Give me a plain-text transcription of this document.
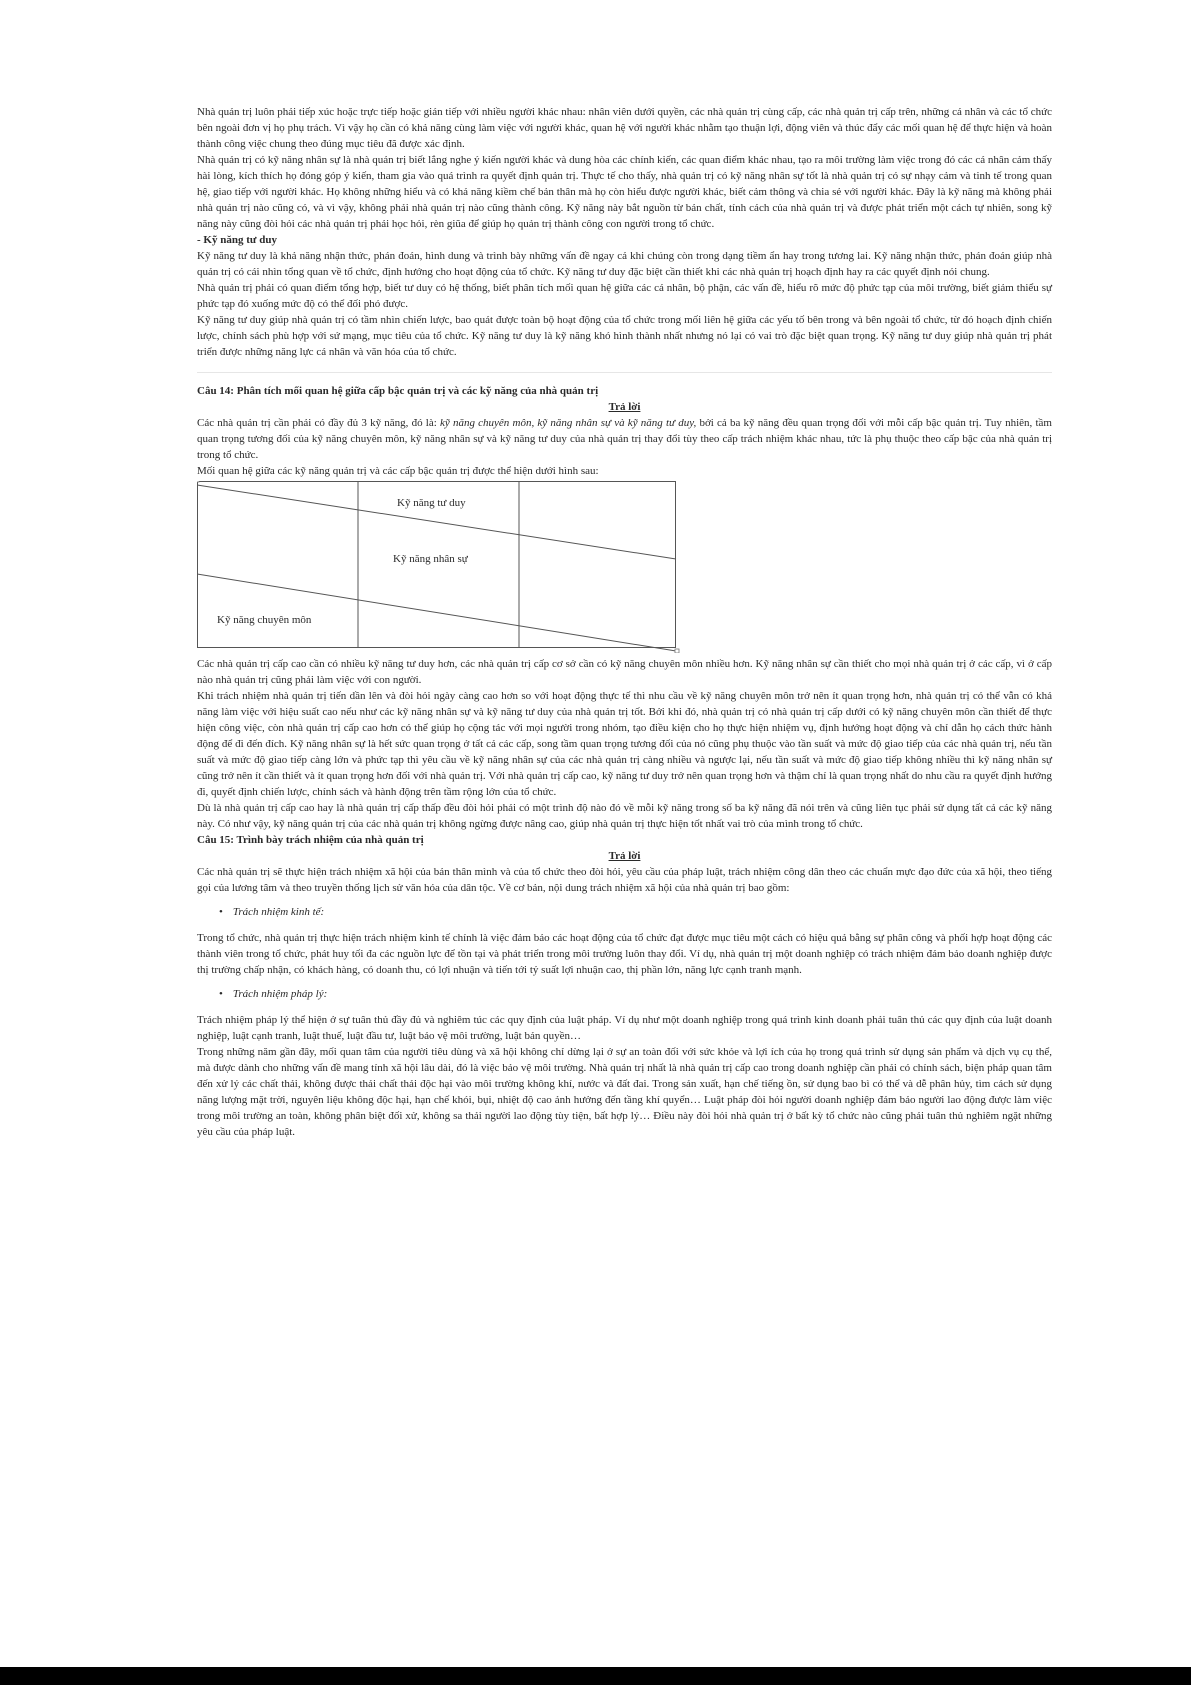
Nhà quản trị luôn phải tiếp xúc hoặc trực tiếp hoặc gián tiếp với nhiều người khác nhau: nhân viên dưới quyền, các nhà quản trị cùng cấp, các nhà quản trị cấp trên, những cá nhân và các tổ chức bên ngoài đơn vị họ phụ trách. Vì vậy họ cần có khả năng cùng làm việc với người khác, quan hệ với người khác nhằm tạo thuận lợi, động viên và thúc đẩy các mối quan hệ để thực hiện và hoàn thành công việc chung theo đúng mục tiêu đã được xác định.

Nhà quản trị có kỹ năng nhân sự là nhà quản trị biết lắng nghe ý kiến người khác và dung hòa các chính kiến, các quan điểm khác nhau, tạo ra môi trường làm việc trong đó các cá nhân cảm thấy hài lòng, kích thích họ đóng góp ý kiến, tham gia vào quá trình ra quyết định quản trị. Thực tế cho thấy, nhà quản trị có kỹ năng nhân sự tốt là nhà quản trị có sự nhạy cảm và tinh tế trong quan hệ, giao tiếp với người khác. Họ không những hiểu và có khả năng kiềm chế bản thân mà họ còn hiểu được người khác, biết cảm thông và chia sẻ với người khác. Đây là kỹ năng mà không phải nhà quản trị nào cũng có, và vì vậy, không phải nhà quản trị nào cũng thành công. Kỹ năng này bắt nguồn từ bản chất, tính cách của nhà quản trị và được phát triển một cách tự nhiên, song kỹ năng này cũng đòi hỏi các nhà quản trị phải học hỏi, rèn giũa để giúp họ quản trị thành công con người trong tổ chức.

- Kỹ năng tư duy

Kỹ năng tư duy là khả năng nhận thức, phán đoán, hình dung và trình bày những vấn đề ngay cả khi chúng còn trong dạng tiềm ẩn hay trong tương lai. Kỹ năng nhận thức, phán đoán giúp nhà quản trị có cái nhìn tổng quan về tổ chức, định hướng cho hoạt động của tổ chức. Kỹ năng tư duy đặc biệt cần thiết khi các nhà quản trị hoạch định hay ra các quyết định nói chung.

Nhà quản trị phải có quan điểm tổng hợp, biết tư duy có hệ thống, biết phân tích mối quan hệ giữa các cá nhân, bộ phận, các vấn đề, hiểu rõ mức độ phức tạp của môi trường, biết giảm thiểu sự phức tạp đó xuống mức độ có thể đối phó được.

Kỹ năng tư duy giúp nhà quản trị có tầm nhìn chiến lược, bao quát được toàn bộ hoạt động của tổ chức trong mối liên hệ giữa các yếu tố bên trong và bên ngoài tổ chức, từ đó hoạch định chiến lược, chính sách phù hợp với sứ mạng, mục tiêu của tổ chức. Kỹ năng tư duy là kỹ năng khó hình thành nhất nhưng nó lại có vai trò đặc biệt quan trọng. Kỹ năng tư duy giúp nhà quản trị phát triển được những năng lực cá nhân và văn hóa của tổ chức.

Câu 14: Phân tích mối quan hệ giữa cấp bậc quản trị và các kỹ năng của nhà quản trị

Trả lời

Các nhà quản trị cần phải có đầy đủ 3 kỹ năng, đó là: kỹ năng chuyên môn, kỹ năng nhân sự và kỹ năng tư duy, bởi cả ba kỹ năng đều quan trọng đối với mỗi cấp bậc quản trị. Tuy nhiên, tầm quan trọng tương đối của kỹ năng chuyên môn, kỹ năng nhân sự và kỹ năng tư duy của nhà quản trị thay đổi tùy theo cấp trách nhiệm khác nhau, tức là phụ thuộc theo cấp bậc của nhà quản trị trong tổ chức.

Mối quan hệ giữa các kỹ năng quản trị và các cấp bậc quản trị được thể hiện dưới hình sau:

Kỹ năng tư duy
Kỹ năng nhân sự
Kỹ năng chuyên môn

Các nhà quản trị cấp cao cần có nhiều kỹ năng tư duy hơn, các nhà quản trị cấp cơ sở cần có kỹ năng chuyên môn nhiều hơn. Kỹ năng nhân sự cần thiết cho mọi nhà quản trị ở các cấp, vì ở cấp nào nhà quản trị cũng phải làm việc với con người.

Khi trách nhiệm nhà quản trị tiến dần lên và đòi hỏi ngày càng cao hơn so với hoạt động thực tế thì nhu cầu về kỹ năng chuyên môn trở nên ít quan trọng hơn, nhà quản trị có thể vẫn có khả năng làm việc với hiệu suất cao nếu như các kỹ năng nhân sự và kỹ năng tư duy của nhà quản trị tốt. Bởi khi đó, nhà quản trị có nhà quản trị cấp dưới có kỹ năng chuyên môn cần thiết để thực hiện công việc, còn nhà quản trị cấp cao hơn có thể giúp họ cộng tác với mọi người trong nhóm, tạo điều kiện cho họ thực hiện nhiệm vụ, định hướng hoạt động và chỉ dẫn họ cách thức hành động để đi đến đích. Kỹ năng nhân sự là hết sức quan trọng ở tất cả các cấp, song tầm quan trọng tương đối của nó cũng phụ thuộc vào tần suất và mức độ giao tiếp của các nhà quản trị, nếu tần suất và mức độ giao tiếp càng lớn và phức tạp thì yêu cầu về kỹ năng nhân sự của các nhà quản trị càng nhiều và ngược lại, nếu tần suất và mức độ giao tiếp không nhiều thì kỹ năng nhân sự cũng trở nên ít cần thiết và ít quan trọng hơn đối với nhà quản trị. Với nhà quản trị cấp cao, kỹ năng tư duy trở nên quan trọng hơn và thậm chí là quan trọng nhất do nhu cầu ra quyết định hướng đi, quyết định chiến lược, chính sách và hành động trên tầm rộng lớn của tổ chức.

Dù là nhà quản trị cấp cao hay là nhà quản trị cấp thấp đều đòi hỏi phải có một trình độ nào đó về mỗi kỹ năng trong số ba kỹ năng đã nói trên và cũng liên tục phải sử dụng tất cả các kỹ năng này. Có như vậy, kỹ năng quản trị của các nhà quản trị không ngừng được nâng cao, giúp nhà quản trị thực hiện tốt nhất vai trò của mình trong tổ chức.

Câu 15: Trình bày trách nhiệm của nhà quản trị

Trả lời

Các nhà quản trị sẽ thực hiện trách nhiệm xã hội của bản thân mình và của tổ chức theo đòi hỏi, yêu cầu của pháp luật, trách nhiệm công dân theo các chuẩn mực đạo đức của xã hội, theo tiếng gọi của lương tâm và theo truyền thống lịch sử văn hóa của dân tộc. Về cơ bản, nội dung trách nhiệm xã hội của nhà quản trị bao gồm:

• Trách nhiệm kinh tế:

Trong tổ chức, nhà quản trị thực hiện trách nhiệm kinh tế chính là việc đảm bảo các hoạt động của tổ chức đạt được mục tiêu một cách có hiệu quả bằng sự phân công và phối hợp hoạt động các thành viên trong tổ chức, phát huy tối đa các nguồn lực để tồn tại và phát triển trong môi trường luôn thay đổi. Ví dụ, nhà quản trị một doanh nghiệp có trách nhiệm đảm bảo doanh nghiệp được thị trường chấp nhận, có khách hàng, có doanh thu, có lợi nhuận và tiến tới tỷ suất lợi nhuận cao, thị phần lớn, năng lực cạnh tranh mạnh.

• Trách nhiệm pháp lý:

Trách nhiệm pháp lý thể hiện ở sự tuân thủ đầy đủ và nghiêm túc các quy định của luật pháp. Ví dụ như một doanh nghiệp trong quá trình kinh doanh phải tuân thủ các quy định của luật doanh nghiệp, luật cạnh tranh, luật thuế, luật đầu tư, luật bảo vệ môi trường, luật bản quyền…

Trong những năm gần đây, mối quan tâm của người tiêu dùng và xã hội không chỉ dừng lại ở sự an toàn đối với sức khỏe và lợi ích của họ trong quá trình sử dụng sản phẩm và dịch vụ cụ thể, mà được dành cho những vấn đề mang tính xã hội lâu dài, đó là việc bảo vệ môi trường. Nhà quản trị nhất là nhà quản trị cấp cao trong doanh nghiệp cần phải có chính sách, biện pháp quan tâm đến xử lý các chất thải, không được thải chất thải độc hại vào môi trường không khí, nước và đất đai. Trong sản xuất, hạn chế tiếng ồn, sử dụng bao bì có thể và dễ phân hủy, tìm cách sử dụng năng lượng mặt trời, nguyên liệu không độc hại, hạn chế khói, bụi, nhiệt độ cao ảnh hưởng đến tầng khí quyển… Luật pháp đòi hỏi người doanh nghiệp đảm bảo người lao động được làm việc trong môi trường an toàn, không phân biệt đối xử, không sa thải người lao động tùy tiện, bất hợp lý… Điều này đòi hỏi nhà quản trị ở bất kỳ tổ chức nào cũng phải tuân thủ nghiêm ngặt những yêu cầu của pháp luật.
